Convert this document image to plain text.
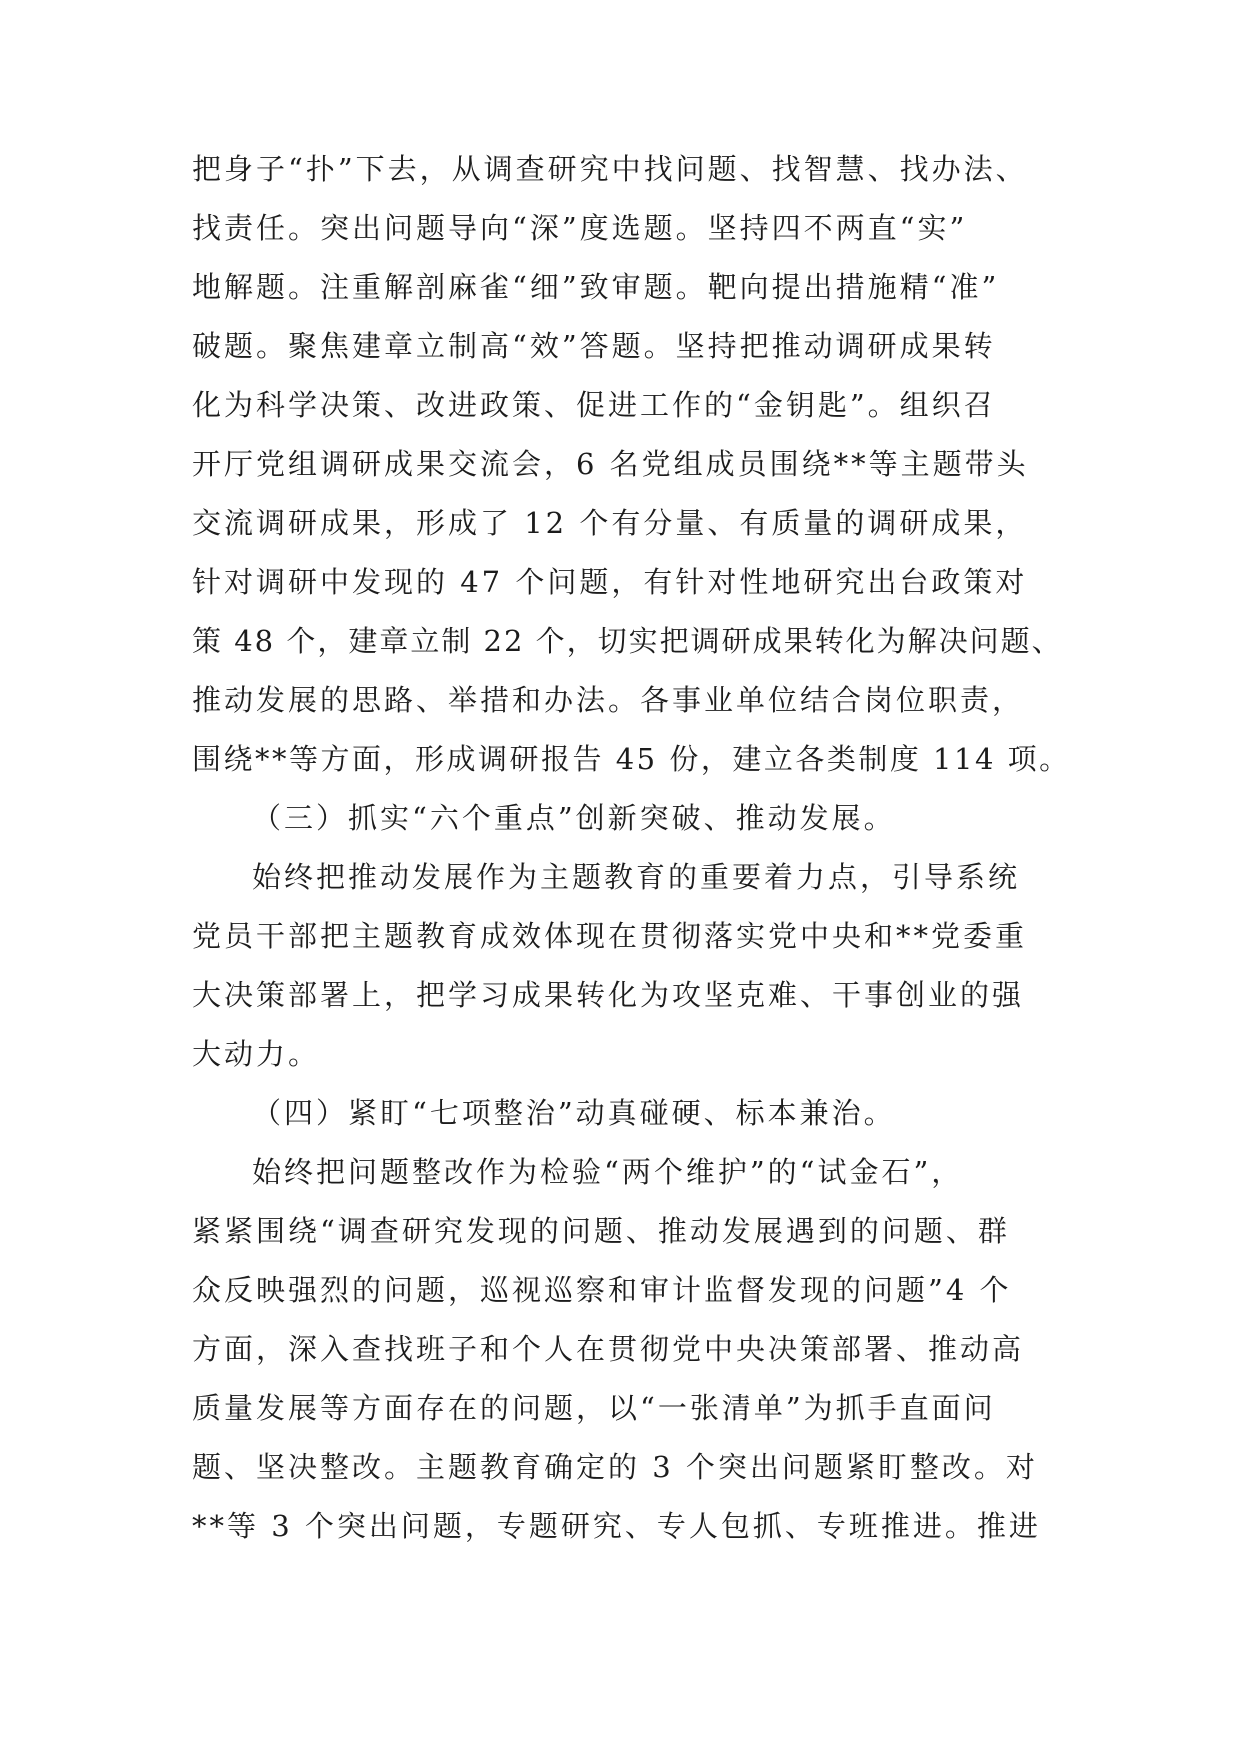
把身子“扑”下去，从调查研究中找问题、找智慧、找办法、
找责任。突出问题导向“深”度选题。坚持四不两直“实”
地解题。注重解剖麻雀“细”致审题。靶向提出措施精“准”
破题。聚焦建章立制高“效”答题。坚持把推动调研成果转
化为科学决策、改进政策、促进工作的“金钥匙”。组织召
开厅党组调研成果交流会，6 名党组成员围绕**等主题带头
交流调研成果，形成了 12 个有分量、有质量的调研成果，
针对调研中发现的 47 个问题，有针对性地研究出台政策对
策 48 个，建章立制 22 个，切实把调研成果转化为解决问题、
推动发展的思路、举措和办法。各事业单位结合岗位职责，
围绕**等方面，形成调研报告 45 份，建立各类制度 114 项。
（三）抓实“六个重点”创新突破、推动发展。
始终把推动发展作为主题教育的重要着力点，引导系统
党员干部把主题教育成效体现在贯彻落实党中央和**党委重
大决策部署上，把学习成果转化为攻坚克难、干事创业的强
大动力。
（四）紧盯“七项整治”动真碰硬、标本兼治。
始终把问题整改作为检验“两个维护”的“试金石”，
紧紧围绕“调查研究发现的问题、推动发展遇到的问题、群
众反映强烈的问题，巡视巡察和审计监督发现的问题”4 个
方面，深入查找班子和个人在贯彻党中央决策部署、推动高
质量发展等方面存在的问题，以“一张清单”为抓手直面问
题、坚决整改。主题教育确定的 3 个突出问题紧盯整改。对
**等 3 个突出问题，专题研究、专人包抓、专班推进。推进
